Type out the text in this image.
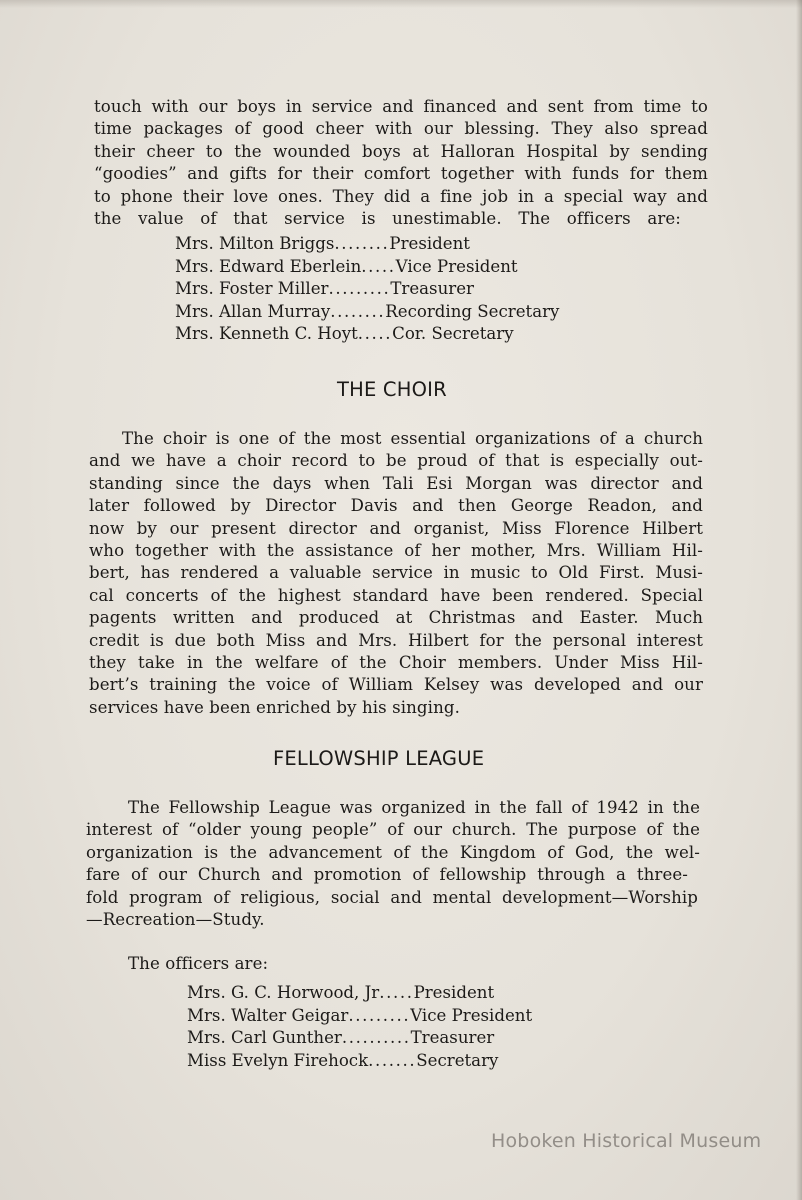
touch with our boys in service and financed and sent from time to
time packages of good cheer with our blessing. They also spread
their cheer to the wounded boys at Halloran Hospital by sending
“goodies” and gifts for their comfort together with funds for them
to phone their love ones. They did a fine job in a special way and
the value of that service is unestimable. The officers are:
Mrs. Milton Briggs ........ President
Mrs. Edward Eberlein ..... Vice President
Mrs. Foster Miller ......... Treasurer
Mrs. Allan Murray ........ Recording Secretary
Mrs. Kenneth C. Hoyt ..... Cor. Secretary
THE CHOIR
The choir is one of the most essential organizations of a church
and we have a choir record to be proud of that is especially out-
standing since the days when Tali Esi Morgan was director and
later followed by Director Davis and then George Readon, and
now by our present director and organist, Miss Florence Hilbert
who together with the assistance of her mother, Mrs. William Hil-
bert, has rendered a valuable service in music to Old First. Musi-
cal concerts of the highest standard have been rendered. Special
pagents written and produced at Christmas and Easter. Much
credit is due both Miss and Mrs. Hilbert for the personal interest
they take in the welfare of the Choir members. Under Miss Hil-
bert’s training the voice of William Kelsey was developed and our
services have been enriched by his singing.
FELLOWSHIP LEAGUE
The Fellowship League was organized in the fall of 1942 in the
interest of “older young people” of our church. The purpose of the
organization is the advancement of the Kingdom of God, the wel-
fare of our Church and promotion of fellowship through a three-
fold program of religious, social and mental development—Worship
—Recreation—Study.
The officers are:
Mrs. G. C. Horwood, Jr ..... President
Mrs. Walter Geigar ......... Vice President
Mrs. Carl Gunther .......... Treasurer
Miss Evelyn Firehock ....... Secretary
Hoboken Historical Museum
